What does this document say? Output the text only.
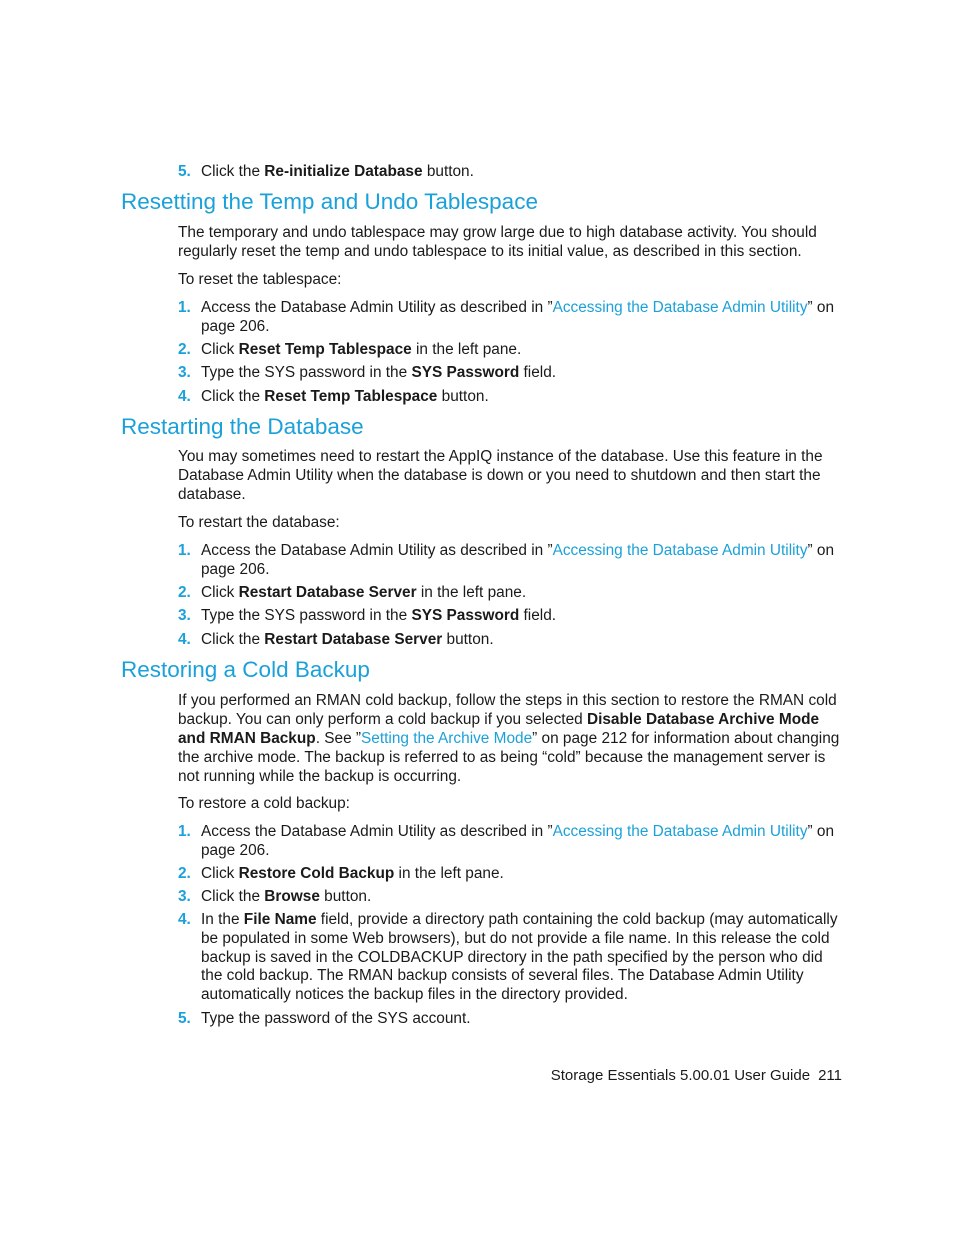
5. Click the Re-initialize Database button.
Resetting the Temp and Undo Tablespace
The temporary and undo tablespace may grow large due to high database activity. You should regularly reset the temp and undo tablespace to its initial value, as described in this section.
To reset the tablespace:
1. Access the Database Admin Utility as described in ”Accessing the Database Admin Utility” on page 206.
2. Click Reset Temp Tablespace in the left pane.
3. Type the SYS password in the SYS Password field.
4. Click the Reset Temp Tablespace button.
Restarting the Database
You may sometimes need to restart the AppIQ instance of the database. Use this feature in the Database Admin Utility when the database is down or you need to shutdown and then start the database.
To restart the database:
1. Access the Database Admin Utility as described in ”Accessing the Database Admin Utility” on page 206.
2. Click Restart Database Server in the left pane.
3. Type the SYS password in the SYS Password field.
4. Click the Restart Database Server button.
Restoring a Cold Backup
If you performed an RMAN cold backup, follow the steps in this section to restore the RMAN cold backup. You can only perform a cold backup if you selected Disable Database Archive Mode and RMAN Backup. See ”Setting the Archive Mode” on page 212 for information about changing the archive mode. The backup is referred to as being “cold” because the management server is not running while the backup is occurring.
To restore a cold backup:
1. Access the Database Admin Utility as described in ”Accessing the Database Admin Utility” on page 206.
2. Click Restore Cold Backup in the left pane.
3. Click the Browse button.
4. In the File Name field, provide a directory path containing the cold backup (may automatically be populated in some Web browsers), but do not provide a file name. In this release the cold backup is saved in the COLDBACKUP directory in the path specified by the person who did the cold backup. The RMAN backup consists of several files. The Database Admin Utility automatically notices the backup files in the directory provided.
5. Type the password of the SYS account.
Storage Essentials 5.00.01 User Guide 211
